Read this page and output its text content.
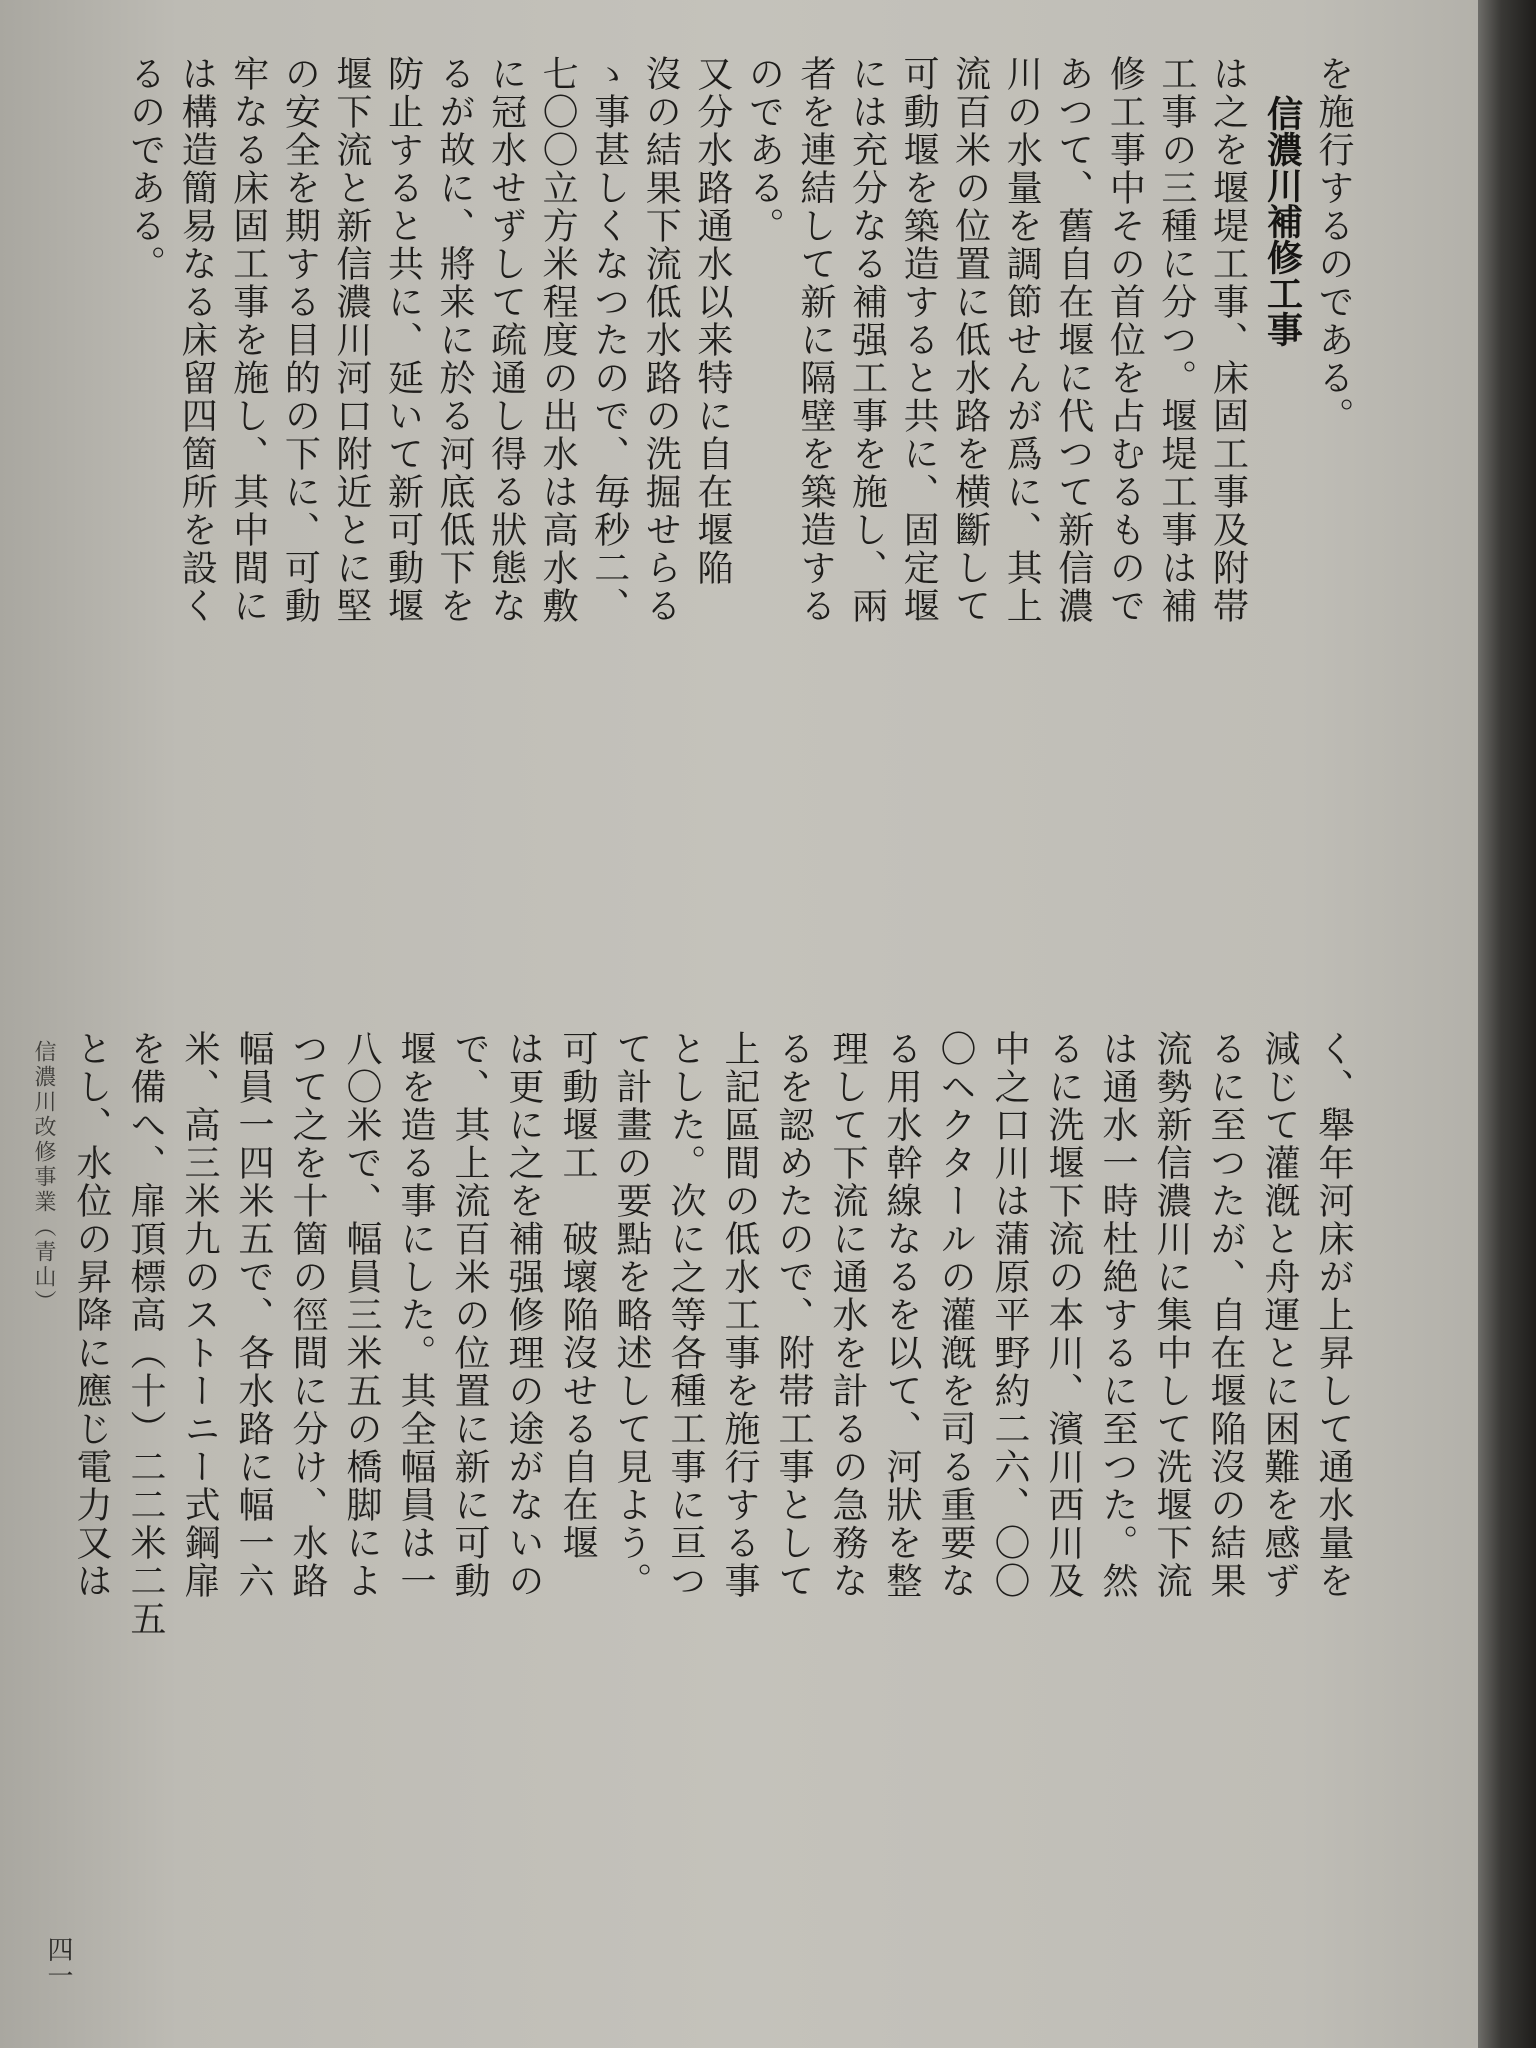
を施行するのである。
信濃川補修工事
は之を堰堤工事、床固工事及附帯
工事の三種に分つ。堰堤工事は補
修工事中その首位を占むるもので
あつて、舊自在堰に代つて新信濃
川の水量を調節せんが爲に、其上
流百米の位置に低水路を横斷して
可動堰を築造すると共に、固定堰
には充分なる補强工事を施し、兩
者を連結して新に隔壁を築造する
のである。
又分水路通水以来特に自在堰陥
沒の結果下流低水路の洗掘せらる
ゝ事甚しくなつたので、毎秒二、
七〇〇立方米程度の出水は高水敷
に冠水せずして疏通し得る狀態な
るが故に、將来に於る河底低下を
防止すると共に、延いて新可動堰
堰下流と新信濃川河口附近とに堅
の安全を期する目的の下に、可動
牢なる床固工事を施し、其中間に
は構造簡易なる床留四箇所を設く
るのである。
く、舉年河床が上昇して通水量を
減じて灌漑と舟運とに困難を感ず
るに至つたが、自在堰陥沒の結果
流勢新信濃川に集中して洗堰下流
は通水一時杜絶するに至つた。然
るに洗堰下流の本川、濱川西川及
中之口川は蒲原平野約二六、〇〇
〇ヘクタールの灌漑を司る重要な
る用水幹線なるを以て、河狀を整
理して下流に通水を計るの急務な
るを認めたので、附帯工事として
上記區間の低水工事を施行する事
とした。次に之等各種工事に亘つ
て計畫の要點を略述して見よう。
可動堰工　破壞陥沒せる自在堰
は更に之を補强修理の途がないの
で、其上流百米の位置に新に可動
堰を造る事にした。其全幅員は一
八〇米で、幅員三米五の橋脚によ
つて之を十箇の徑間に分け、水路
幅員一四米五で、各水路に幅一六
米、高三米九のストーニー式鋼扉
を備へ、扉頂標高（十）二二米二五
とし、水位の昇降に應じ電力又は
信濃川改修事業（青山）
四一
